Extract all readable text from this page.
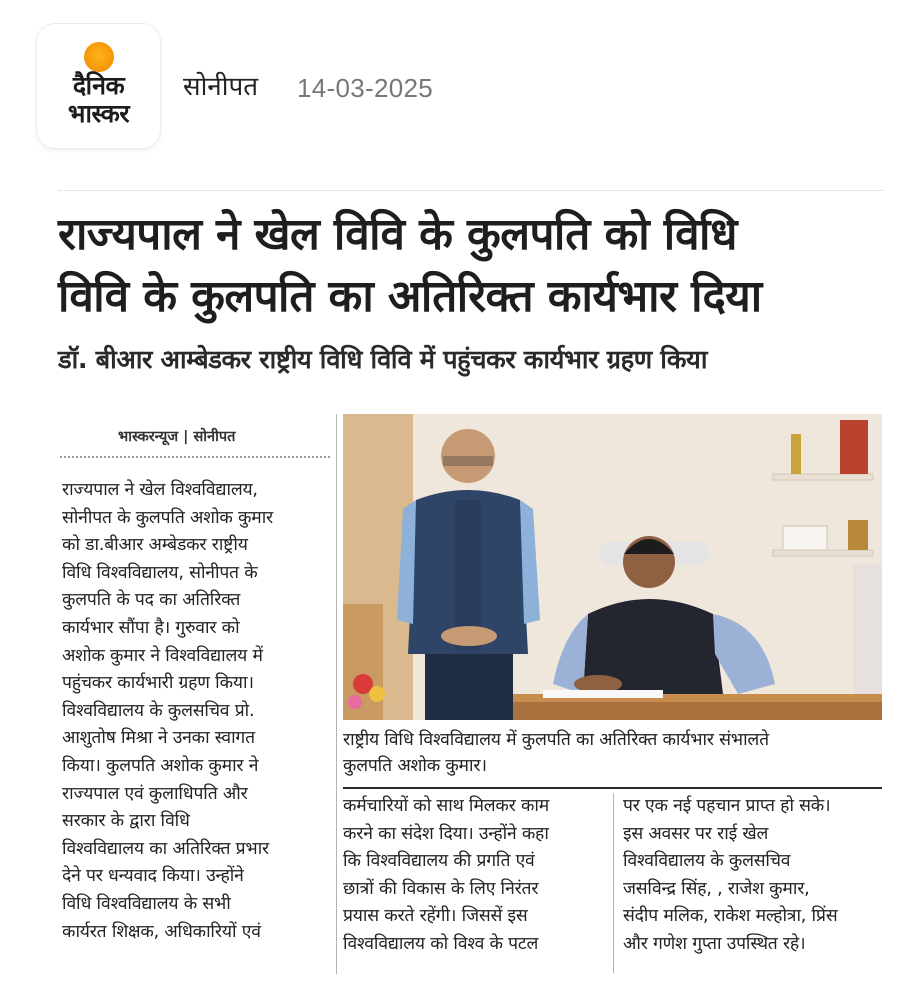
दैनिक
भास्कर
सोनीपत 14-03-2025
राज्यपाल ने खेल विवि के कुलपति को विधि
विवि के कुलपति का अतिरिक्त कार्यभार दिया
डॉ. बीआर आम्बेडकर राष्ट्रीय विधि विवि में पहुंचकर कार्यभार ग्रहण किया
भास्करन्यूज | सोनीपत
राज्यपाल ने खेल विश्वविद्यालय,
सोनीपत के कुलपति अशोक कुमार
को डा.बीआर अम्बेडकर राष्ट्रीय
विधि विश्वविद्यालय, सोनीपत के
कुलपति के पद का अतिरिक्त
कार्यभार सौंपा है। गुरुवार को
अशोक कुमार ने विश्वविद्यालय में
पहुंचकर कार्यभारी ग्रहण किया।
विश्वविद्यालय के कुलसचिव प्रो.
आशुतोष मिश्रा ने उनका स्वागत
किया। कुलपति अशोक कुमार ने
राज्यपाल एवं कुलाधिपति और
सरकार के द्वारा विधि
विश्वविद्यालय का अतिरिक्त प्रभार
देने पर धन्यवाद किया। उन्होंने
विधि विश्वविद्यालय के सभी
कार्यरत शिक्षक, अधिकारियों एवं
राष्ट्रीय विधि विश्वविद्यालय में कुलपति का अतिरिक्त कार्यभार संभालते
कुलपति अशोक कुमार।
कर्मचारियों को साथ मिलकर काम
करने का संदेश दिया। उन्होंने कहा
कि विश्वविद्यालय की प्रगति एवं
छात्रों की विकास के लिए निरंतर
प्रयास करते रहेंगी। जिससें इस
विश्वविद्यालय को विश्व के पटल
पर एक नई पहचान प्राप्त हो सके।
इस अवसर पर राई खेल
विश्वविद्यालय के कुलसचिव
जसविन्द्र सिंह, , राजेश कुमार,
संदीप मलिक, राकेश मल्होत्रा, प्रिंस
और गणेश गुप्ता उपस्थित रहे।
